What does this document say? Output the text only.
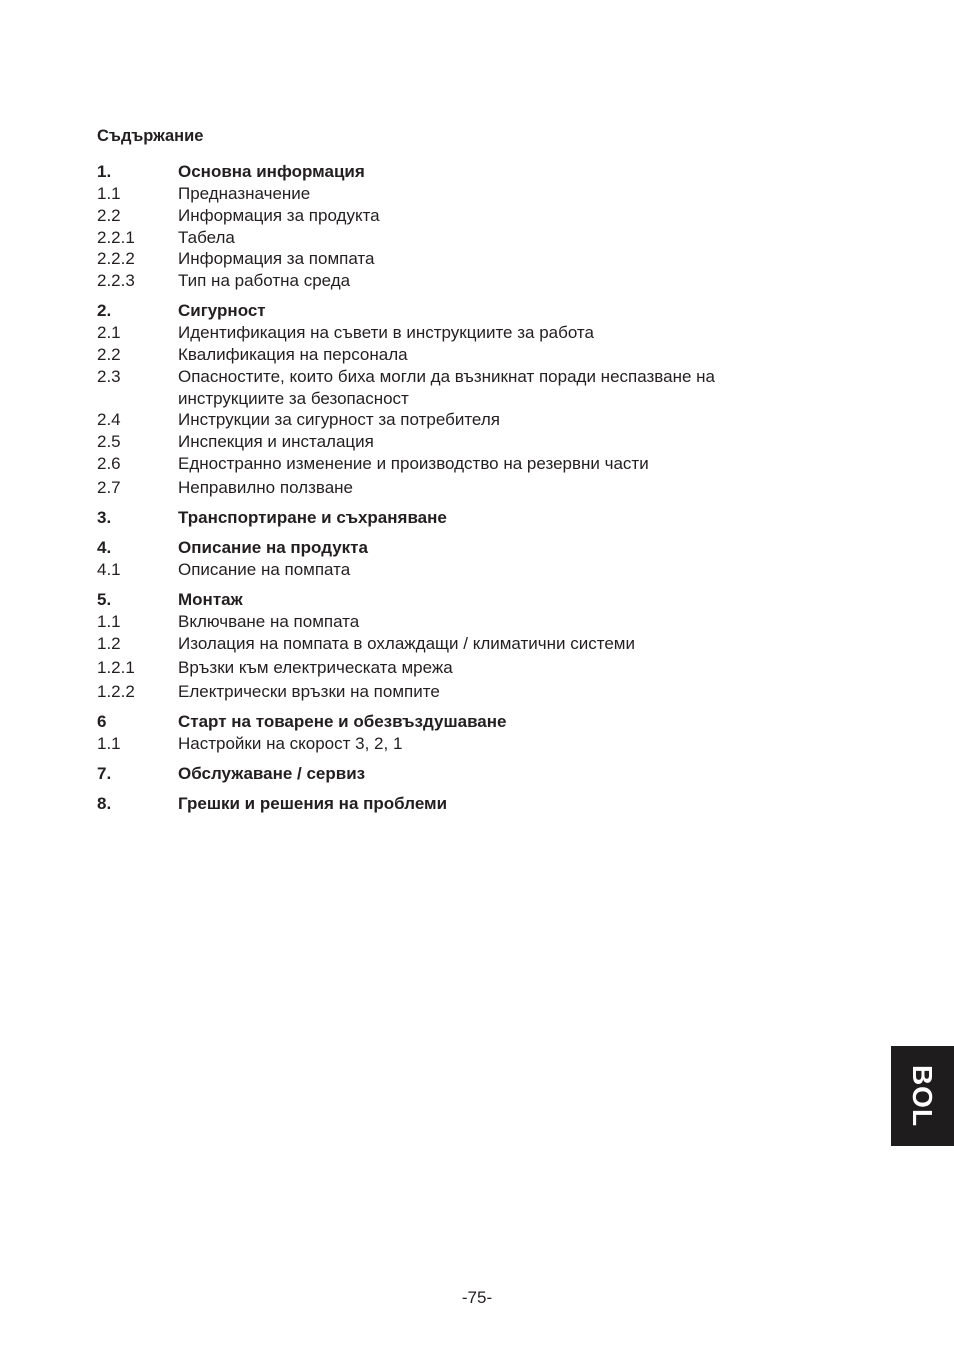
Съдържание
1.	Основна информация
1.1	Предназначение
2.2	Информация за продукта
2.2.1	Табела
2.2.2	Информация за помпата
2.2.3	Тип на работна среда
2.	Сигурност
2.1	Идентификация на съвети в инструкциите за работа
2.2	Квалификация на персонала
2.3	Опасностите, които биха могли да възникнат поради неспазване на
инструкциите за безопасност
2.4	Инструкции за сигурност за потребителя
2.5	Инспекция и инсталация
2.6	Едностранно изменение и производство на резервни части
2.7	Неправилно ползване
3.	Транспортиране и съхраняване
4.	Описание на продукта
4.1	Описание на помпата
5.	Монтаж
1.1	Включване на помпата
1.2	Изолация на помпата в охлаждащи / климатични системи
1.2.1	Връзки към електрическата мрежа
1.2.2	Електрически връзки на помпите
6	Старт на товарене и обезвъздушаване
1.1	Настройки на скорост 3, 2, 1
7.	Обслужаване / сервиз
8.	Грешки и решения на проблеми
BOL
-75-
